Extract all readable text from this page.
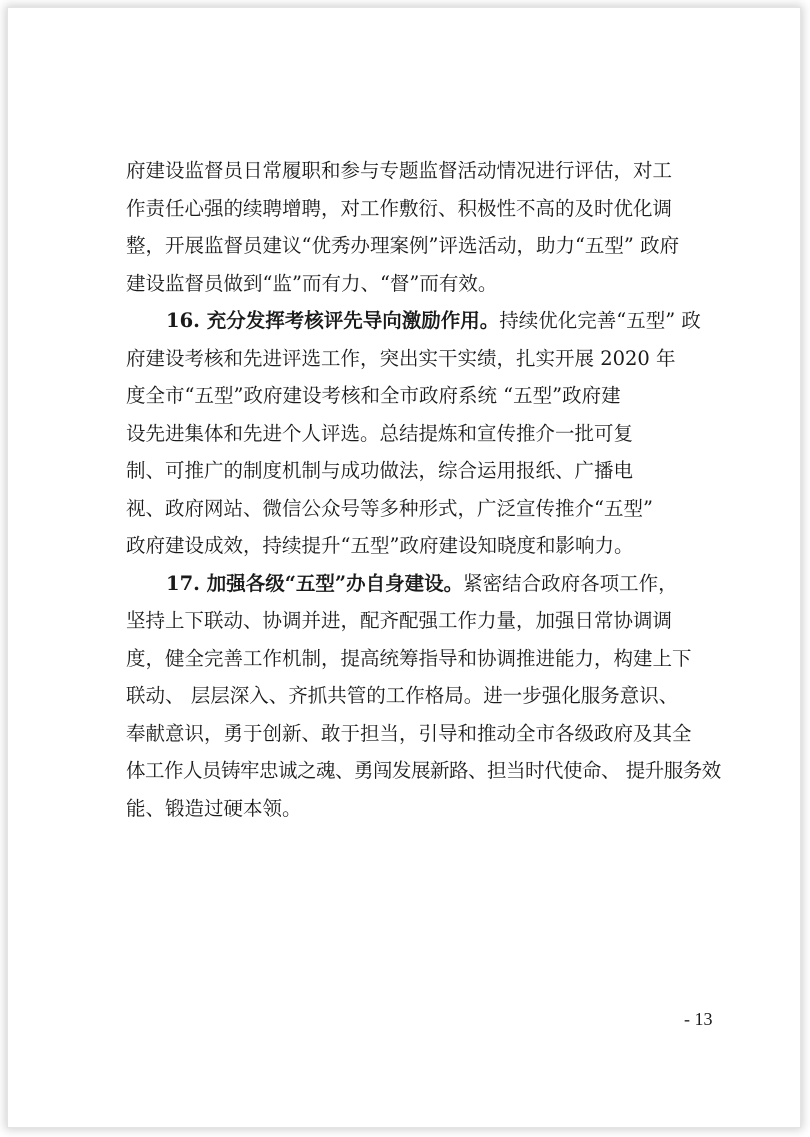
府建设监督员日常履职和参与专题监督活动情况进行评估，对工
作责任心强的续聘增聘，对工作敷衍、积极性不高的及时优化调
整，开展监督员建议“优秀办理案例”评选活动，助力“五型” 政府
建设监督员做到“监”而有力、“督”而有效。
16. 充分发挥考核评先导向激励作用。持续优化完善“五型” 政
府建设考核和先进评选工作，突出实干实绩，扎实开展 2020 年
度全市“五型”政府建设考核和全市政府系统 “五型”政府建
设先进集体和先进个人评选。总结提炼和宣传推介一批可复
制、可推广的制度机制与成功做法，综合运用报纸、广播电
视、政府网站、微信公众号等多种形式，广泛宣传推介“五型”
政府建设成效，持续提升“五型”政府建设知晓度和影响力。
17. 加强各级“五型”办自身建设。紧密结合政府各项工作，
坚持上下联动、协调并进，配齐配强工作力量，加强日常协调调
度，健全完善工作机制，提高统筹指导和协调推进能力，构建上下
联动、 层层深入、齐抓共管的工作格局。进一步强化服务意识、
奉献意识，勇于创新、敢于担当，引导和推动全市各级政府及其全
体工作人员铸牢忠诚之魂、勇闯发展新路、担当时代使命、 提升服务效
能、锻造过硬本领。
- 13
